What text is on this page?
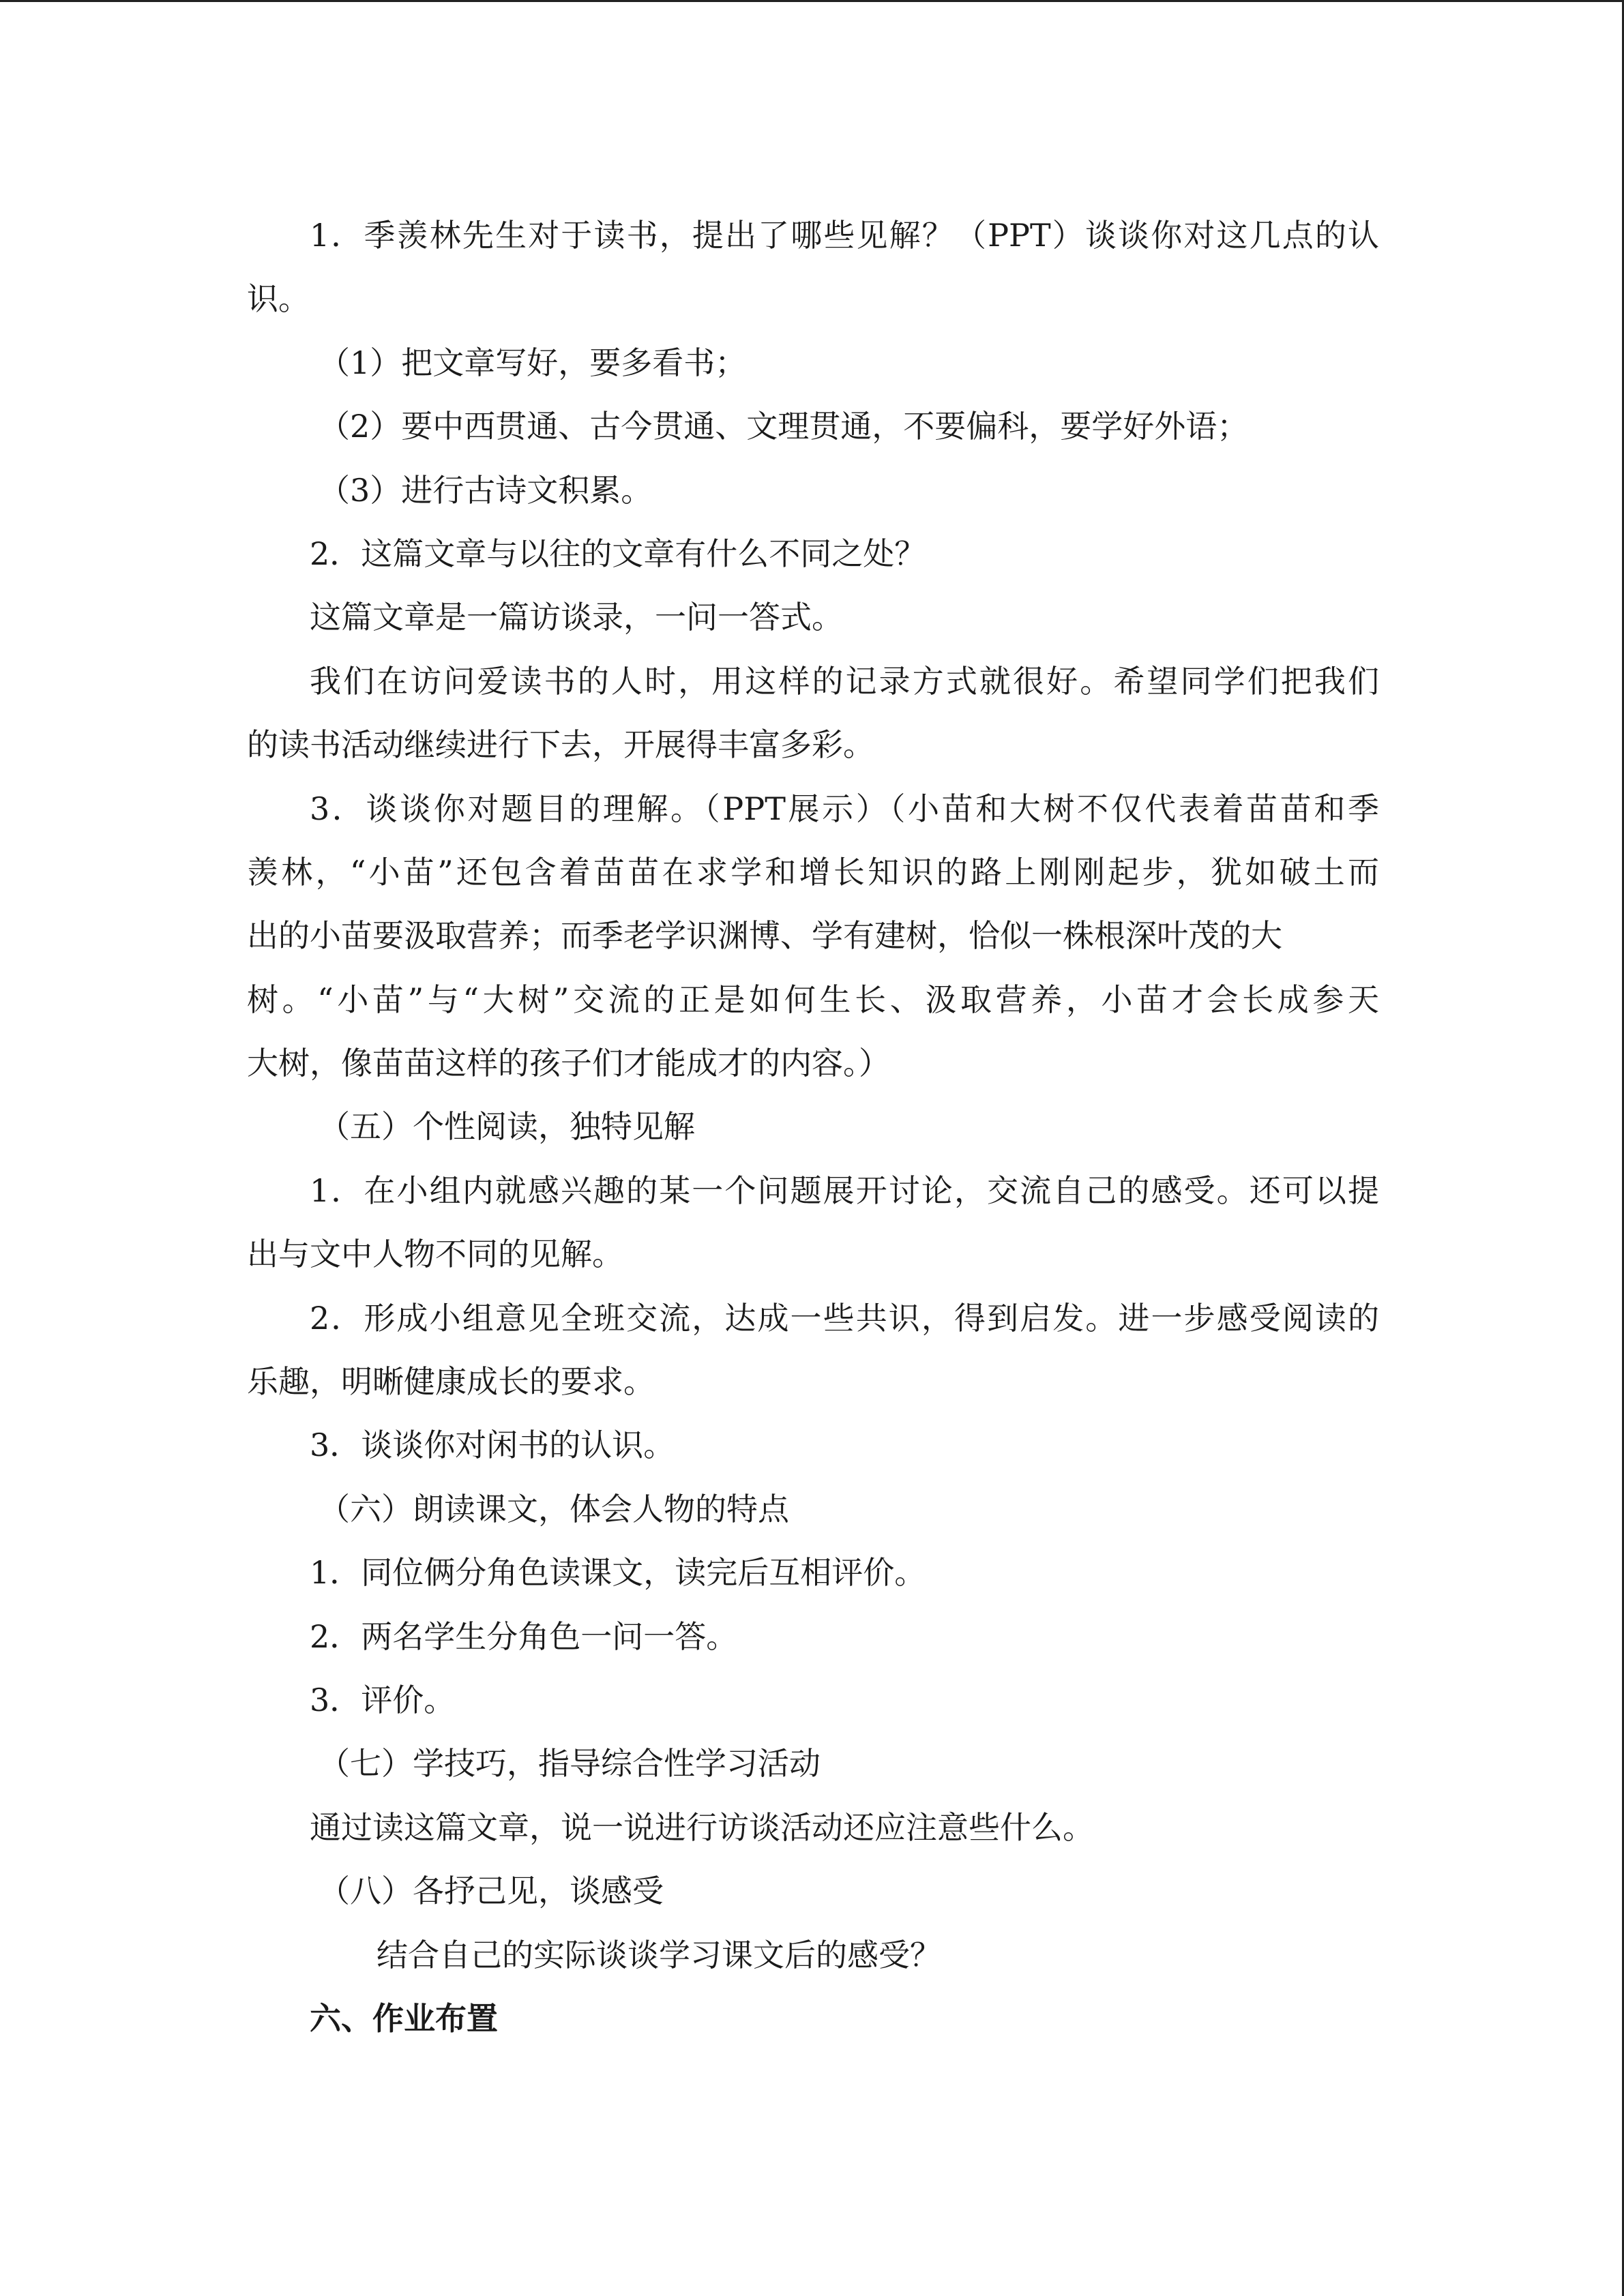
1．季羡林先生对于读书，提出了哪些见解？（PPT）谈谈你对这几点的认
识。
（1）把文章写好，要多看书；
（2）要中西贯通、古今贯通、文理贯通，不要偏科，要学好外语；
（3）进行古诗文积累。
2．这篇文章与以往的文章有什么不同之处？
这篇文章是一篇访谈录，一问一答式。
我们在访问爱读书的人时，用这样的记录方式就很好。希望同学们把我们
的读书活动继续进行下去，开展得丰富多彩。
3．谈谈你对题目的理解。（PPT展示）（小苗和大树不仅代表着苗苗和季
羡林，“小苗”还包含着苗苗在求学和增长知识的路上刚刚起步，犹如破土而
出的小苗要汲取营养；而季老学识渊博、学有建树，恰似一株根深叶茂的大
树。“小苗”与“大树”交流的正是如何生长、汲取营养，小苗才会长成参天
大树，像苗苗这样的孩子们才能成才的内容。）
（五）个性阅读，独特见解
1．在小组内就感兴趣的某一个问题展开讨论，交流自己的感受。还可以提
出与文中人物不同的见解。
2．形成小组意见全班交流，达成一些共识，得到启发。进一步感受阅读的
乐趣，明晰健康成长的要求。
3．谈谈你对闲书的认识。
（六）朗读课文，体会人物的特点
1．同位俩分角色读课文，读完后互相评价。
2．两名学生分角色一问一答。
3．评价。
（七）学技巧，指导综合性学习活动
通过读这篇文章，说一说进行访谈活动还应注意些什么。
（八）各抒己见，谈感受
结合自己的实际谈谈学习课文后的感受？
六、作业布置
